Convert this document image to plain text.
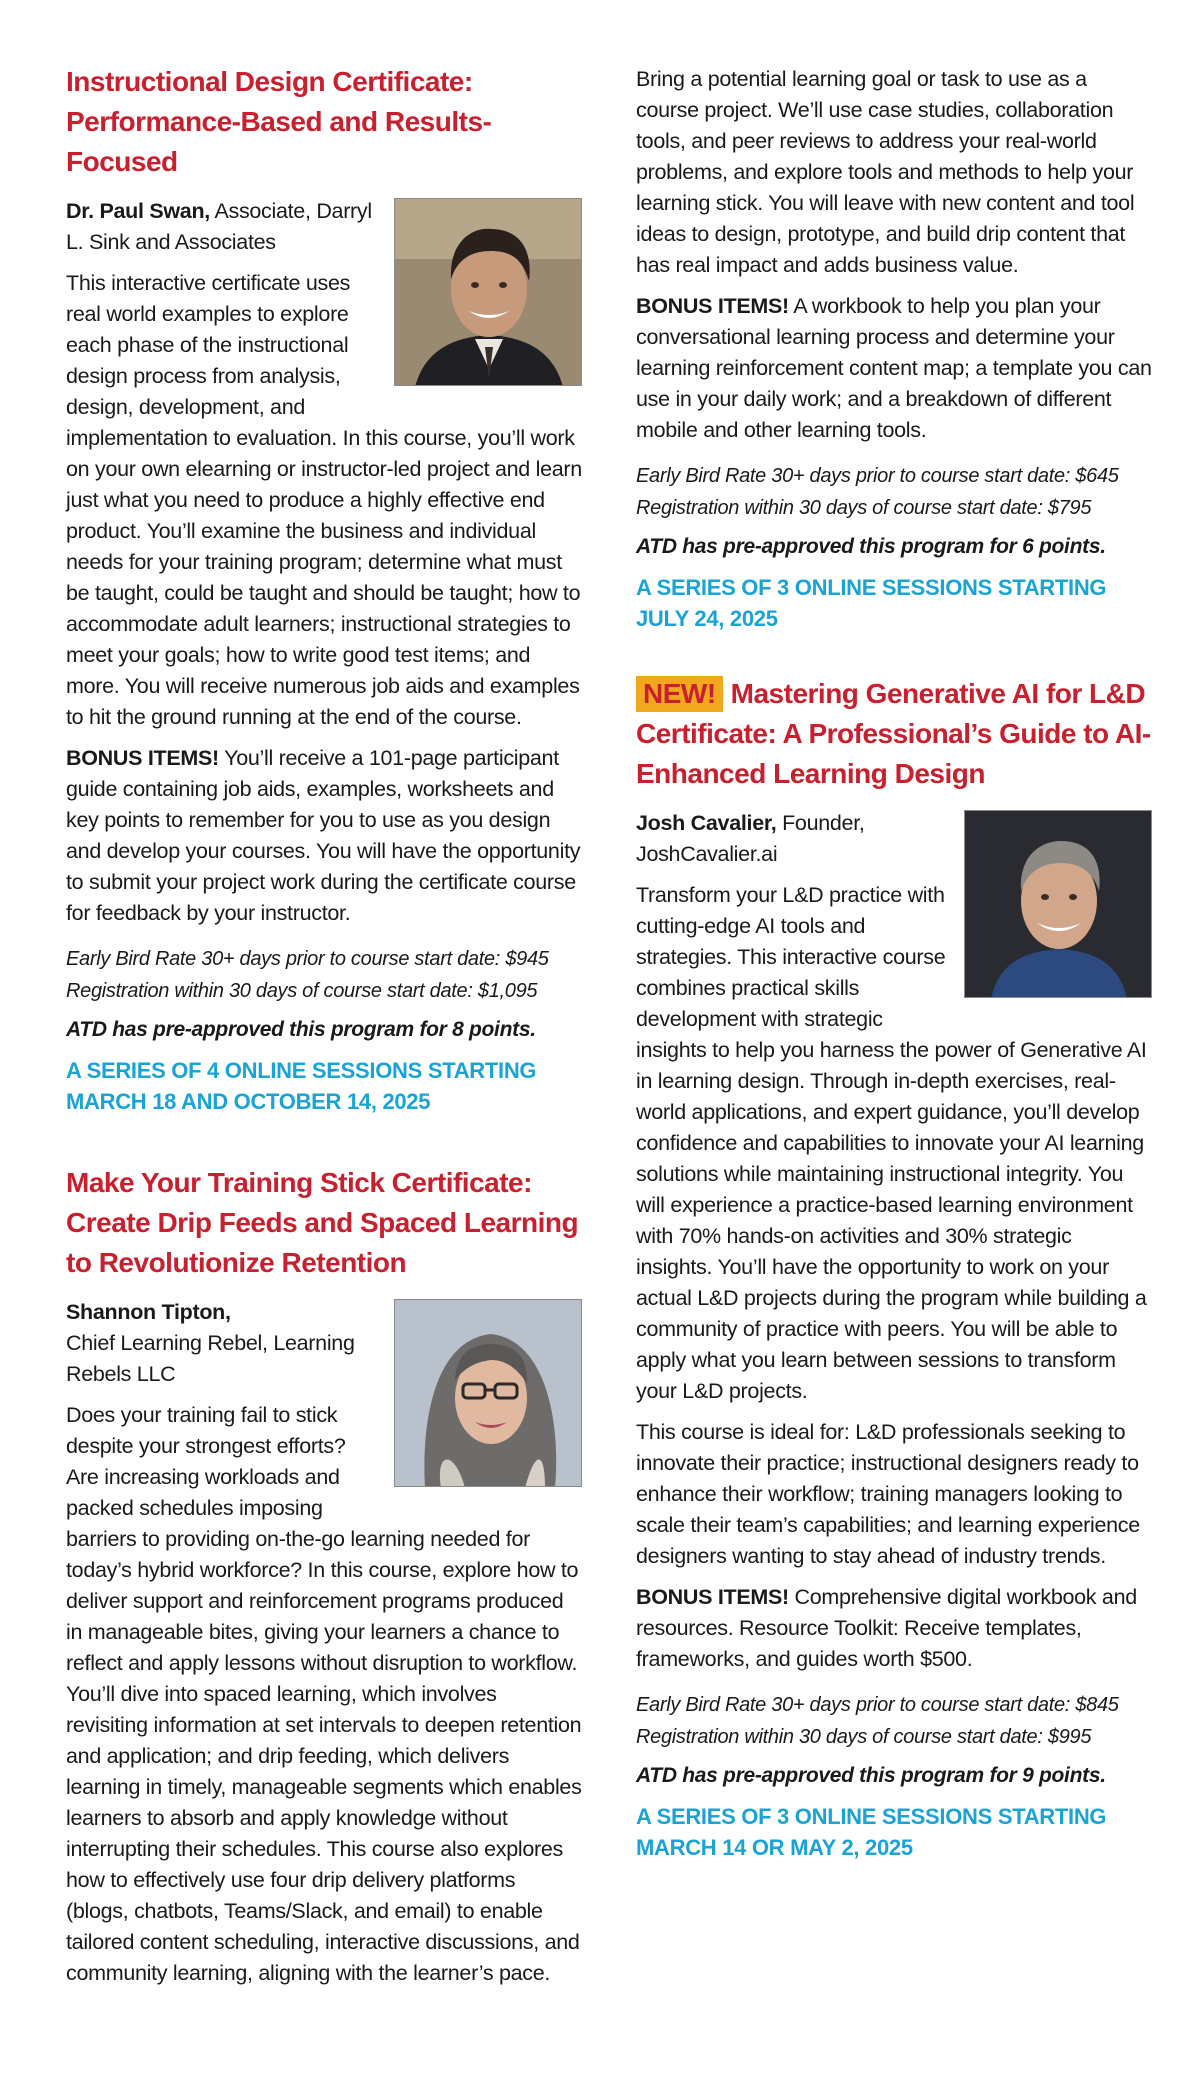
Instructional Design Certificate: Performance-Based and Results-Focused

Dr. Paul Swan, Associate, Darryl L. Sink and Associates

This interactive certificate uses real world examples to explore each phase of the instructional design process from analysis, design, development, and implementation to evaluation. In this course, you’ll work on your own elearning or instructor-led project and learn just what you need to produce a highly effective end product. You’ll examine the business and individual needs for your training program; determine what must be taught, could be taught and should be taught; how to accommodate adult learners; instructional strategies to meet your goals; how to write good test items; and more. You will receive numerous job aids and examples to hit the ground running at the end of the course.

BONUS ITEMS! You’ll receive a 101-page participant guide containing job aids, examples, worksheets and key points to remember for you to use as you design and develop your courses. You will have the opportunity to submit your project work during the certificate course for feedback by your instructor.

Early Bird Rate 30+ days prior to course start date: $945

Registration within 30 days of course start date: $1,095

ATD has pre-approved this program for 8 points.

A SERIES OF 4 ONLINE SESSIONS STARTING MARCH 18 AND OCTOBER 14, 2025

Make Your Training Stick Certificate: Create Drip Feeds and Spaced Learning to Revolutionize Retention

Shannon Tipton,
Chief Learning Rebel, Learning Rebels LLC

Does your training fail to stick despite your strongest efforts? Are increasing workloads and packed schedules imposing barriers to providing on-the-go learning needed for today’s hybrid workforce? In this course, explore how to deliver support and reinforcement programs produced in manageable bites, giving your learners a chance to reflect and apply lessons without disruption to workflow. You’ll dive into spaced learning, which involves revisiting information at set intervals to deepen retention and application; and drip feeding, which delivers learning in timely, manageable segments which enables learners to absorb and apply knowledge without interrupting their schedules. This course also explores how to effectively use four drip delivery platforms (blogs, chatbots, Teams/Slack, and email) to enable tailored content scheduling, interactive discussions, and community learning, aligning with the learner’s pace.

Bring a potential learning goal or task to use as a course project. We’ll use case studies, collaboration tools, and peer reviews to address your real-world problems, and explore tools and methods to help your learning stick. You will leave with new content and tool ideas to design, prototype, and build drip content that has real impact and adds business value.

BONUS ITEMS! A workbook to help you plan your conversational learning process and determine your learning reinforcement content map; a template you can use in your daily work; and a breakdown of different mobile and other learning tools.

Early Bird Rate 30+ days prior to course start date: $645

Registration within 30 days of course start date: $795

ATD has pre-approved this program for 6 points.

A SERIES OF 3 ONLINE SESSIONS STARTING JULY 24, 2025

NEW! Mastering Generative AI for L&D Certificate: A Professional’s Guide to AI-Enhanced Learning Design

Josh Cavalier, Founder, JoshCavalier.ai

Transform your L&D practice with cutting-edge AI tools and strategies. This interactive course combines practical skills development with strategic insights to help you harness the power of Generative AI in learning design. Through in-depth exercises, real-world applications, and expert guidance, you’ll develop confidence and capabilities to innovate your AI learning solutions while maintaining instructional integrity. You will experience a practice-based learning environment with 70% hands-on activities and 30% strategic insights. You’ll have the opportunity to work on your actual L&D projects during the program while building a community of practice with peers. You will be able to apply what you learn between sessions to transform your L&D projects.

This course is ideal for: L&D professionals seeking to innovate their practice; instructional designers ready to enhance their workflow; training managers looking to scale their team’s capabilities; and learning experience designers wanting to stay ahead of industry trends.

BONUS ITEMS! Comprehensive digital workbook and resources. Resource Toolkit: Receive templates, frameworks, and guides worth $500.

Early Bird Rate 30+ days prior to course start date: $845

Registration within 30 days of course start date: $995

ATD has pre-approved this program for 9 points.

A SERIES OF 3 ONLINE SESSIONS STARTING MARCH 14 OR MAY 2, 2025
